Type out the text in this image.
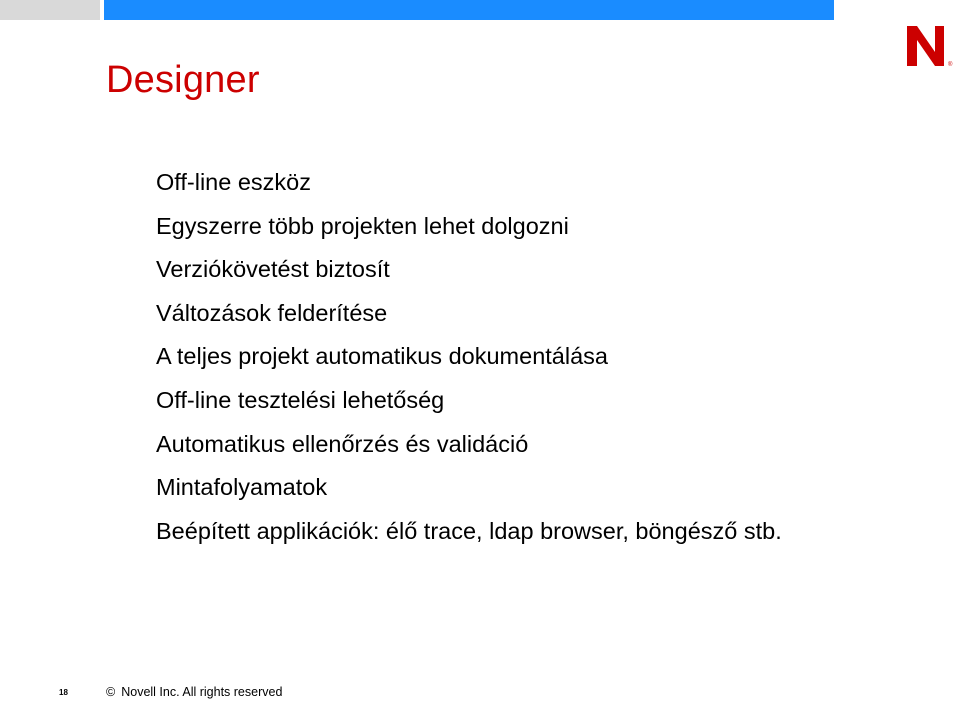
®
Designer
Off-line eszköz
Egyszerre több projekten lehet dolgozni
Verziókövetést biztosít
Változások felderítése
A teljes projekt automatikus dokumentálása
Off-line tesztelési lehetőség
Automatikus ellenőrzés és validáció
Mintafolyamatok
Beépített applikációk: élő trace, ldap browser, böngésző stb.
18	© Novell Inc. All rights reserved
